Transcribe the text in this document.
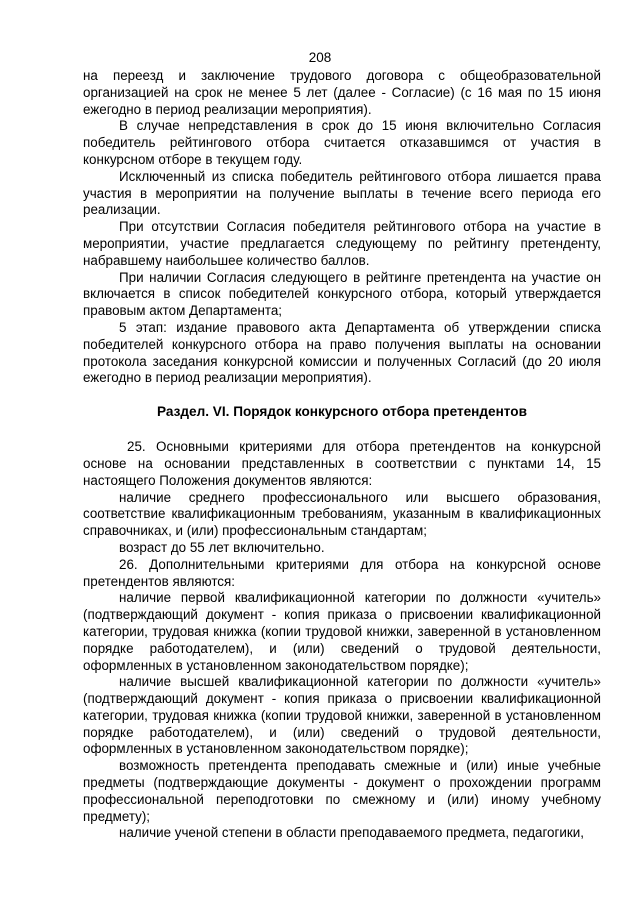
208

на переезд и заключение трудового договора с общеобразовательной организацией на срок не менее 5 лет (далее - Согласие) (с 16 мая по 15 июня ежегодно в период реализации мероприятия).

В случае непредставления в срок до 15 июня включительно Согласия победитель рейтингового отбора считается отказавшимся от участия в конкурсном отборе в текущем году.

Исключенный из списка победитель рейтингового отбора лишается права участия в мероприятии на получение выплаты в течение всего периода его реализации.

При отсутствии Согласия победителя рейтингового отбора на участие в мероприятии, участие предлагается следующему по рейтингу претенденту, набравшему наибольшее количество баллов.

При наличии Согласия следующего в рейтинге претендента на участие он включается в список победителей конкурсного отбора, который утверждается правовым актом Департамента;

5 этап: издание правового акта Департамента об утверждении списка победителей конкурсного отбора на право получения выплаты на основании протокола заседания конкурсной комиссии и полученных Согласий (до 20 июля ежегодно в период реализации мероприятия).

Раздел. VI. Порядок конкурсного отбора претендентов

25. Основными критериями для отбора претендентов на конкурсной основе на основании представленных в соответствии с пунктами 14, 15 настоящего Положения документов являются:

наличие среднего профессионального или высшего образования, соответствие квалификационным требованиям, указанным в квалификационных справочниках, и (или) профессиональным стандартам;

возраст до 55 лет включительно.

26. Дополнительными критериями для отбора на конкурсной основе претендентов являются:

наличие первой квалификационной категории по должности «учитель» (подтверждающий документ - копия приказа о присвоении квалификационной категории, трудовая книжка (копии трудовой книжки, заверенной в установленном порядке работодателем), и (или) сведений о трудовой деятельности, оформленных в установленном законодательством порядке);

наличие высшей квалификационной категории по должности «учитель» (подтверждающий документ - копия приказа о присвоении квалификационной категории, трудовая книжка (копии трудовой книжки, заверенной в установленном порядке работодателем), и (или) сведений о трудовой деятельности, оформленных в установленном законодательством порядке);

возможность претендента преподавать смежные и (или) иные учебные предметы (подтверждающие документы - документ о прохождении программ профессиональной переподготовки по смежному и (или) иному учебному предмету);

наличие ученой степени в области преподаваемого предмета, педагогики,
